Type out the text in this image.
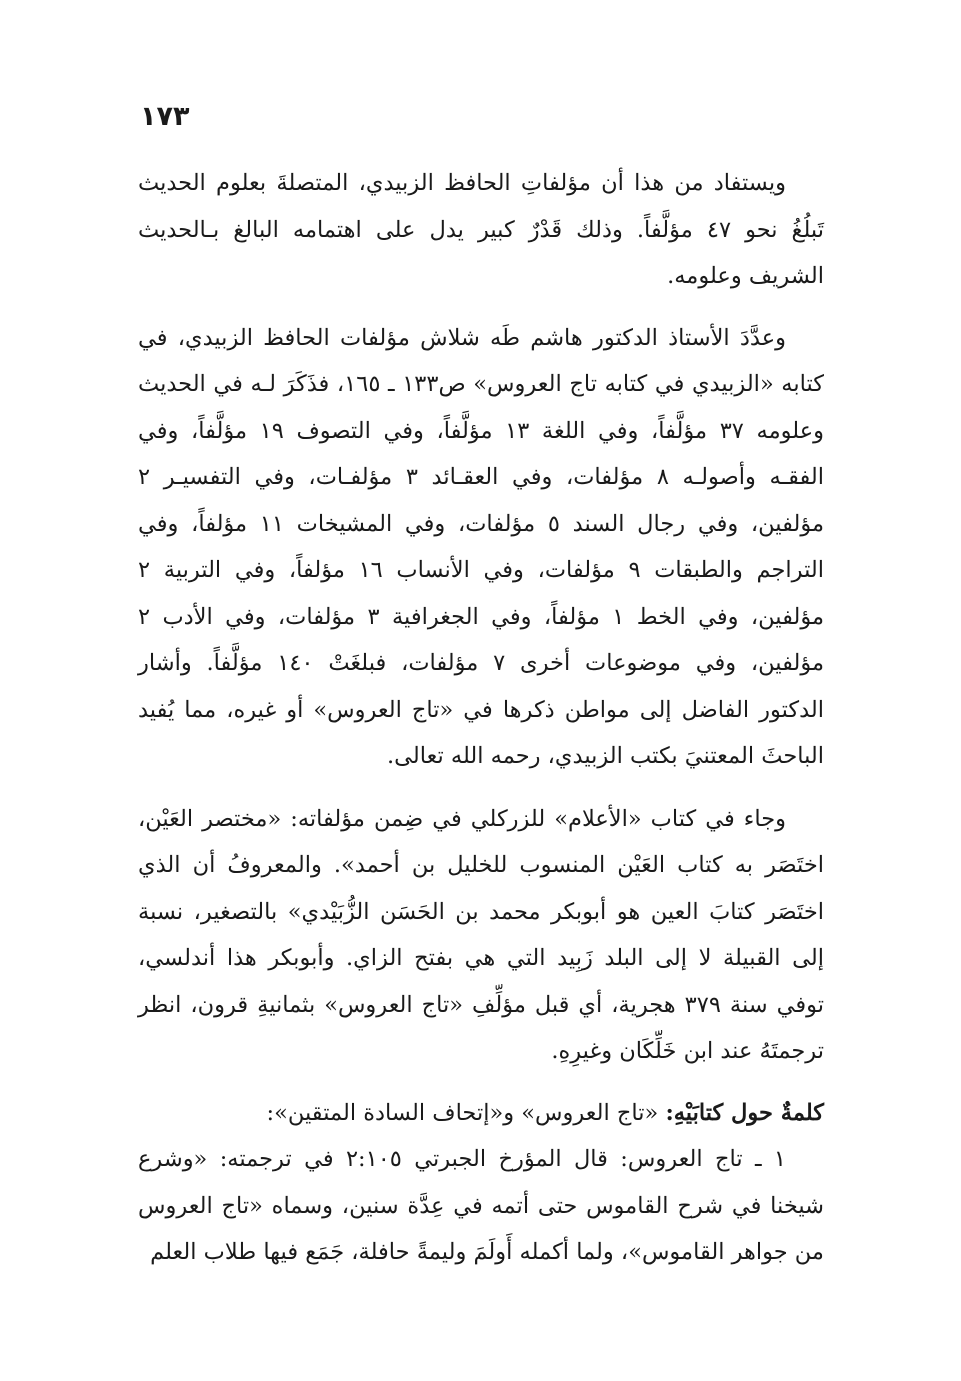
١٧٣

ويستفاد من هذا أن مؤلفاتِ الحافظ الزبيدي، المتصلةَ بعلوم الحديث تَبلُغُ نحو ٤٧ مؤلَّفاً. وذلك قَدْرٌ كبير يدل على اهتمامه البالغ بـالحديث الشريف وعلومه.

وعدَّدَ الأستاذ الدكتور هاشم طَه شلاش مؤلفات الحافظ الزبيدي، في كتابه «الزبيدي في كتابه تاج العروس» ص١٣٣ ـ ١٦٥، فذَكَرَ لـه في الحديث وعلومه ٣٧ مؤلَّفاً، وفي اللغة ١٣ مؤلَّفاً، وفي التصوف ١٩ مؤلَّفاً، وفي الفقـه وأصولـه ٨ مؤلفات، وفي العقـائد ٣ مؤلفـات، وفي التفسيـر ٢ مؤلفين، وفي رجال السند ٥ مؤلفات، وفي المشيخات ١١ مؤلفاً، وفي التراجم والطبقات ٩ مؤلفات، وفي الأنساب ١٦ مؤلفاً، وفي التربية ٢ مؤلفين، وفي الخط ١ مؤلفاً، وفي الجغرافية ٣ مؤلفات، وفي الأدب ٢ مؤلفين، وفي موضوعات أخرى ٧ مؤلفات، فبلغَتْ ١٤٠ مؤلَّفاً. وأشار الدكتور الفاضل إلى مواطن ذكرها في «تاج العروس» أو غيره، مما يُفيد الباحثَ المعتنيَ بكتب الزبيدي، رحمه الله تعالى.

وجاء في كتاب «الأعلام» للزركلي في ضِمن مؤلفاته: «مختصر العَيْن، اختَصَر به كتاب العَيْن المنسوب للخليل بن أحمد». والمعروفُ أن الذي اختَصَر كتابَ العين هو أبوبكر محمد بن الحَسَن الزُّبَيْدي» بالتصغير، نسبة إلى القبيلة لا إلى البلد زَبِيد التي هي بفتح الزاي. وأبوبكر هذا أندلسي، توفي سنة ٣٧٩ هجرية، أي قبل مؤلِّفِ «تاج العروس» بثمانيةِ قرون، انظر ترجمتَهُ عند ابن خَلِّكَان وغيرِهِ.

كلمةٌ حول كتابَيْهِ: «تاج العروس» و«إتحاف السادة المتقين»:

١ ـ تاج العروس: قال المؤرخ الجبرتي ٢:١٠٥ في ترجمته: «وشرع شيخنا في شرح القاموس حتى أتمه في عِدَّة سنين، وسماه «تاج العروس من جواهر القاموس»، ولما أكمله أَولَمَ وليمةً حافلة، جَمَع فيها طلاب العلم
